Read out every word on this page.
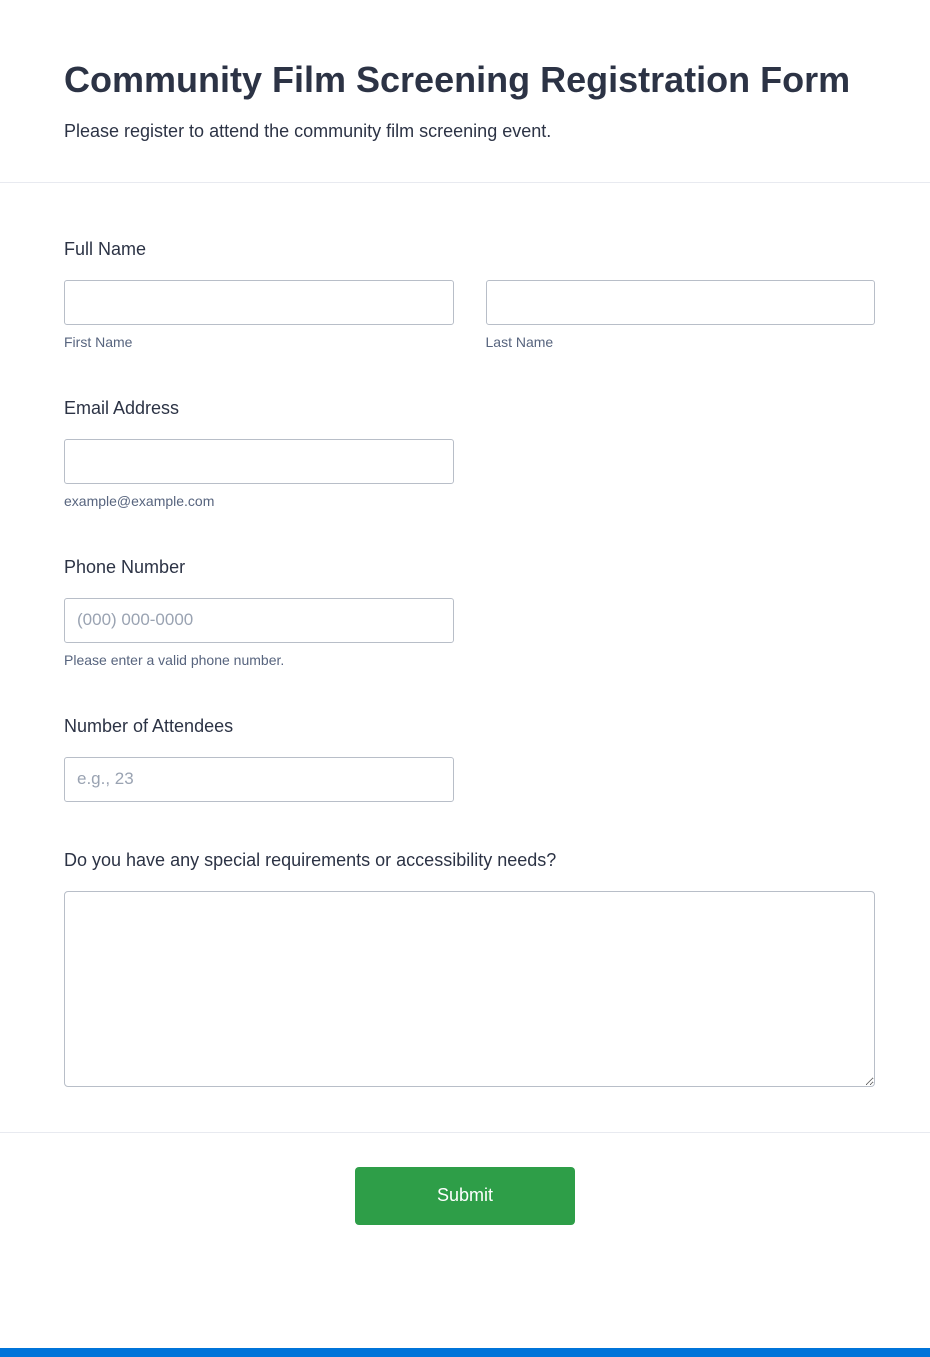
Community Film Screening Registration Form

Please register to attend the community film screening event.

Full Name
First Name	Last Name
Email Address
example@example.com
Phone Number
(000) 000-0000
Please enter a valid phone number.
Number of Attendees
e.g., 23
Do you have any special requirements or accessibility needs?
Submit
